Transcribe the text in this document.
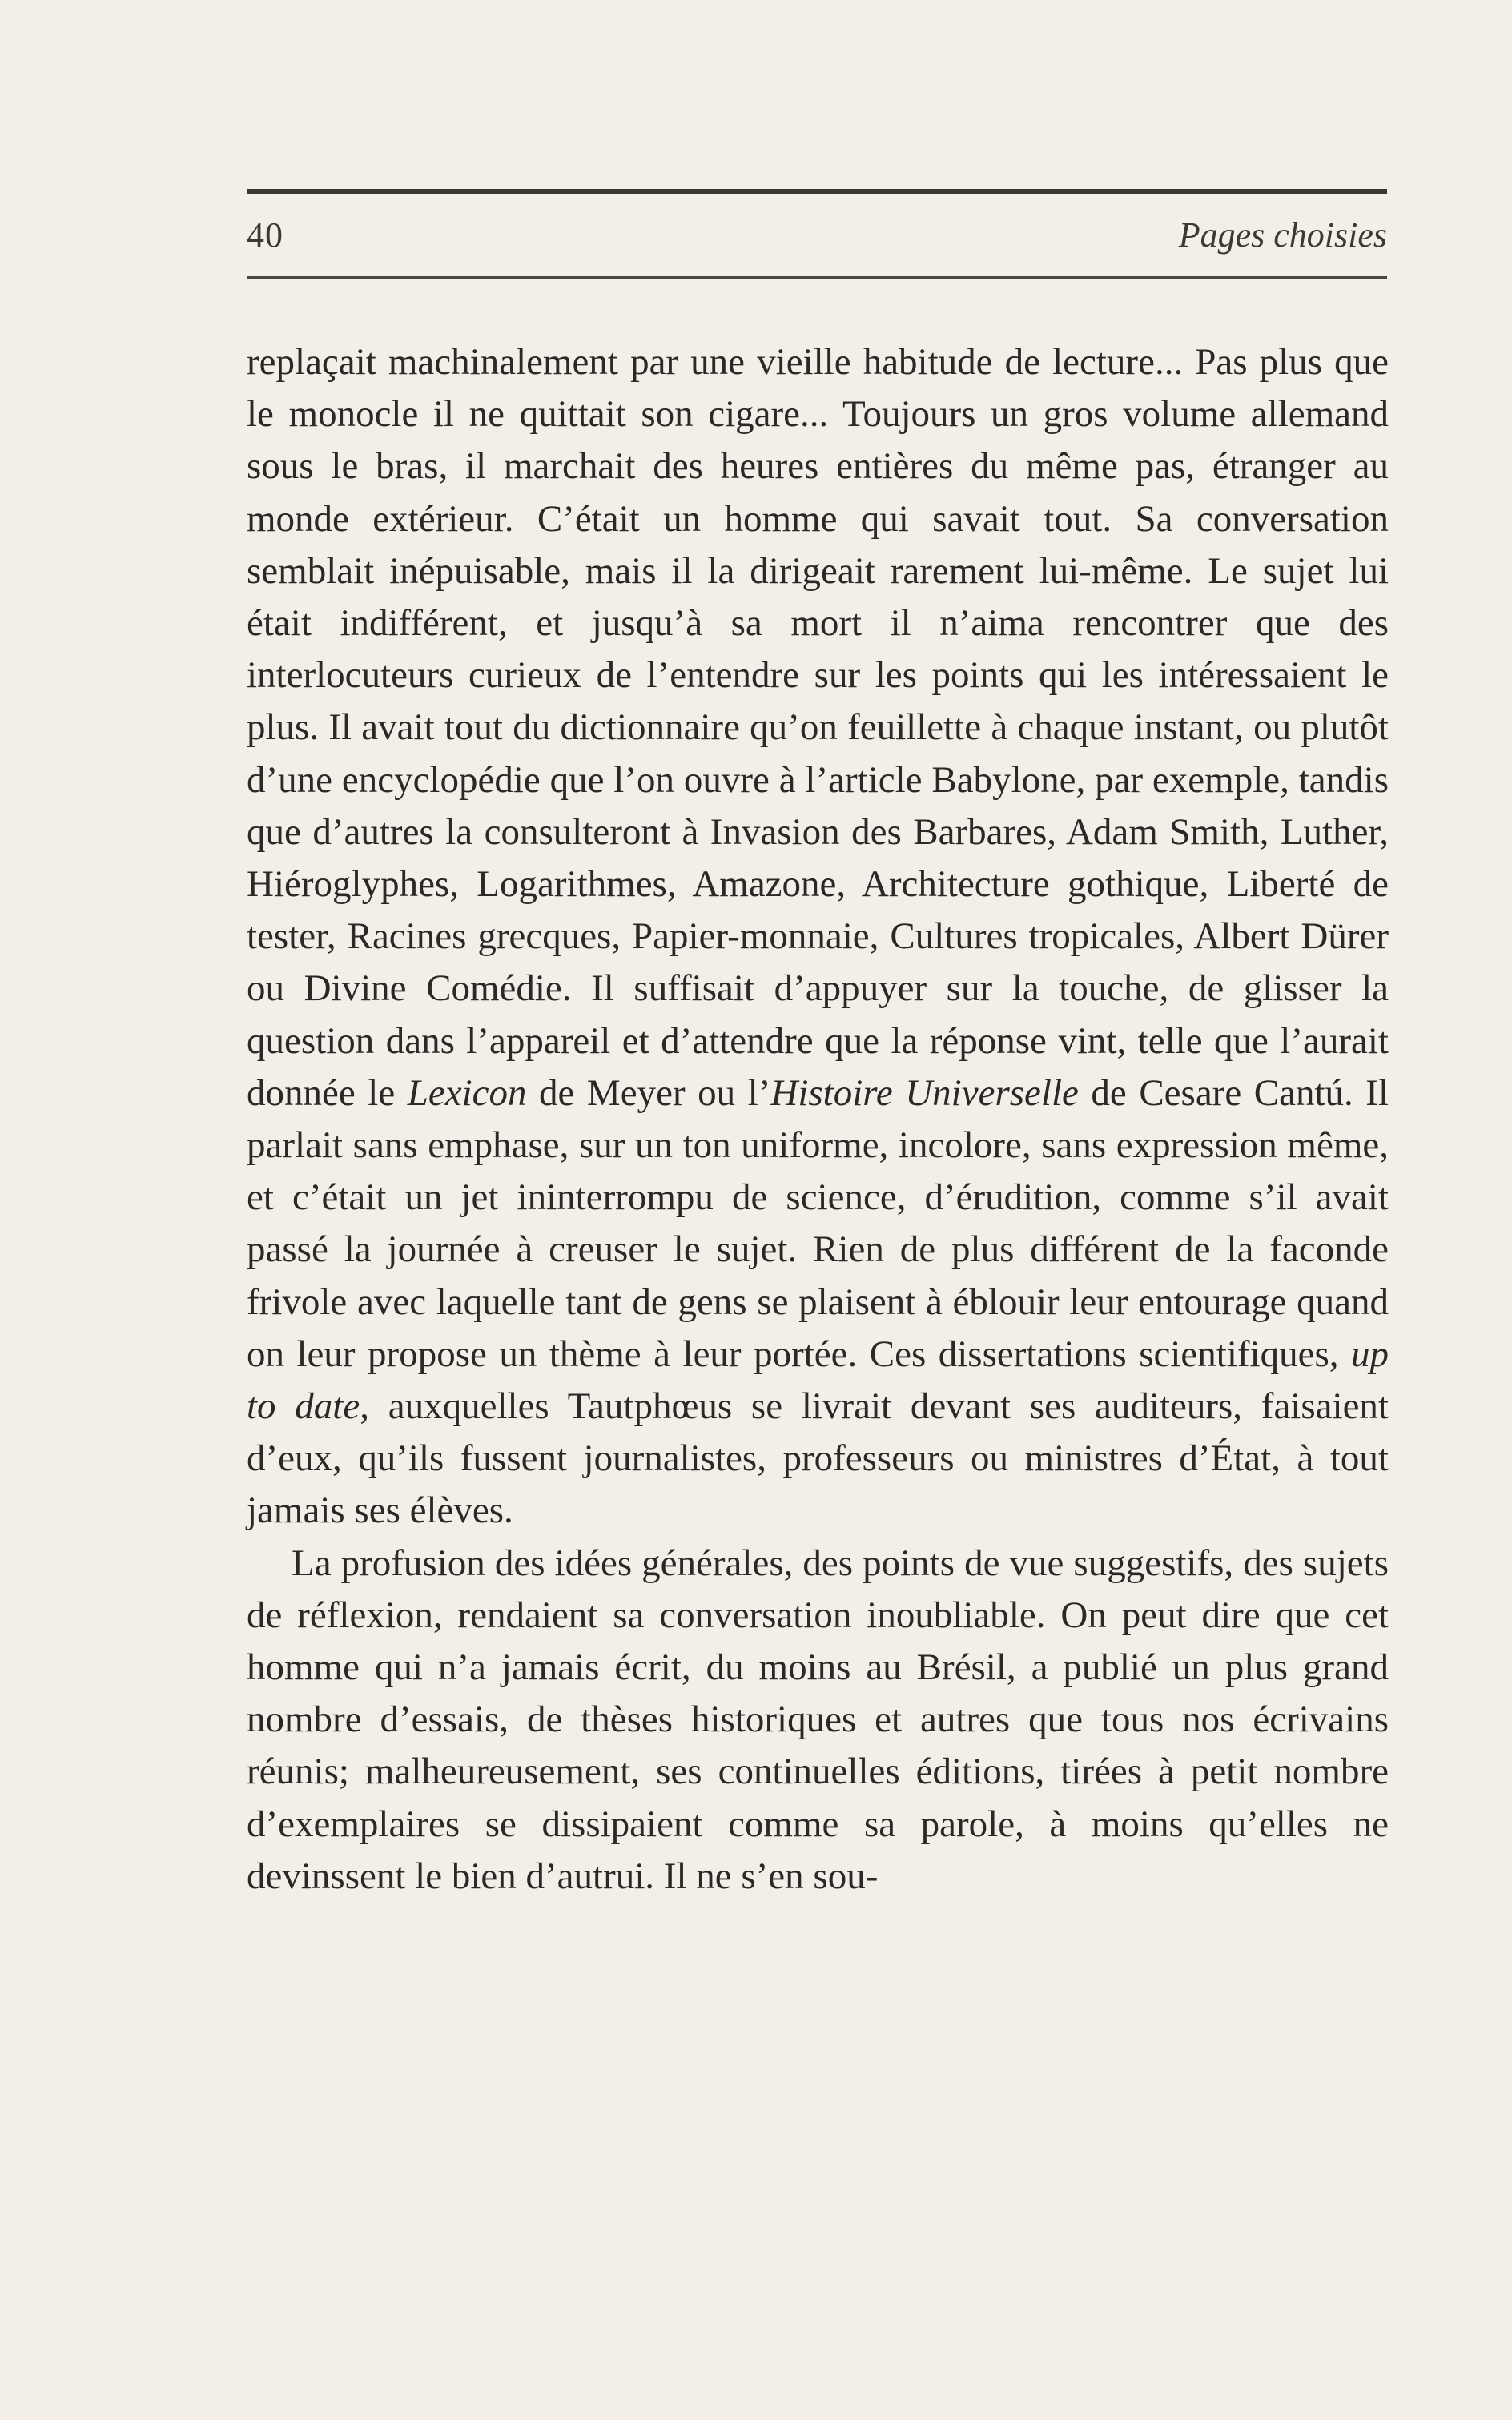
40	Pages choisies

replaçait machinalement par une vieille habitude de lecture... Pas plus que le monocle il ne quittait son cigare... Toujours un gros volume allemand sous le bras, il marchait des heures entières du même pas, étranger au monde extérieur. C’était un homme qui savait tout. Sa conversation semblait inépuisable, mais il la dirigeait rarement lui-même. Le sujet lui était indifférent, et jusqu’à sa mort il n’aima rencontrer que des interlocuteurs curieux de l’entendre sur les points qui les intéressaient le plus. Il avait tout du dictionnaire qu’on feuillette à chaque instant, ou plutôt d’une encyclopédie que l’on ouvre à l’article Babylone, par exemple, tandis que d’autres la consulteront à Invasion des Barbares, Adam Smith, Luther, Hiéroglyphes, Logarithmes, Amazone, Architecture gothique, Liberté de tester, Racines grecques, Papier-monnaie, Cultures tropicales, Albert Dürer ou Divine Comédie. Il suffisait d’appuyer sur la touche, de glisser la question dans l’appareil et d’attendre que la réponse vint, telle que l’aurait donnée le Lexicon de Meyer ou l’Histoire Universelle de Cesare Cantú. Il parlait sans emphase, sur un ton uniforme, incolore, sans expression même, et c’était un jet ininterrompu de science, d’érudition, comme s’il avait passé la journée à creuser le sujet. Rien de plus différent de la faconde frivole avec laquelle tant de gens se plaisent à éblouir leur entourage quand on leur propose un thème à leur portée. Ces dissertations scientifiques, up to date, auxquelles Tautphœus se livrait devant ses auditeurs, faisaient d’eux, qu’ils fussent journalistes, professeurs ou ministres d’État, à tout jamais ses élèves.

La profusion des idées générales, des points de vue suggestifs, des sujets de réflexion, rendaient sa conversation inoubliable. On peut dire que cet homme qui n’a jamais écrit, du moins au Brésil, a publié un plus grand nombre d’essais, de thèses historiques et autres que tous nos écrivains réunis; malheureusement, ses continuelles éditions, tirées à petit nombre d’exemplaires se dissipaient comme sa parole, à moins qu’elles ne devinssent le bien d’autrui. Il ne s’en sou-
